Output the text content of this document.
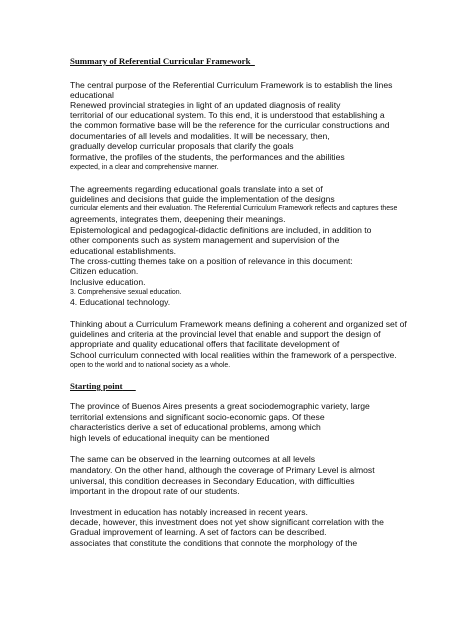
Summary of Referential Curricular Framework
The central purpose of the Referential Curriculum Framework is to establish the lines
educational
Renewed provincial strategies in light of an updated diagnosis of reality
territorial of our educational system. To this end, it is understood that establishing a
the common formative base will be the reference for the curricular constructions and
documentaries of all levels and modalities. It will be necessary, then,
gradually develop curricular proposals that clarify the goals
formative, the profiles of the students, the performances and the abilities
expected, in a clear and comprehensive manner.
The agreements regarding educational goals translate into a set of
guidelines and decisions that guide the implementation of the designs
curricular elements and their evaluation. The Referential Curriculum Framework reflects and captures these
agreements, integrates them, deepening their meanings.
Epistemological and pedagogical-didactic definitions are included, in addition to
other components such as system management and supervision of the
educational establishments.
The cross-cutting themes take on a position of relevance in this document:
Citizen education.
Inclusive education.
3. Comprehensive sexual education.
4. Educational technology.
Thinking about a Curriculum Framework means defining a coherent and organized set of
guidelines and criteria at the provincial level that enable and support the design of
appropriate and quality educational offers that facilitate development of
School curriculum connected with local realities within the framework of a perspective.
open to the world and to national society as a whole.
Starting point
The province of Buenos Aires presents a great sociodemographic variety, large
territorial extensions and significant socio-economic gaps. Of these
characteristics derive a set of educational problems, among which
high levels of educational inequity can be mentioned
The same can be observed in the learning outcomes at all levels
mandatory. On the other hand, although the coverage of Primary Level is almost
universal, this condition decreases in Secondary Education, with difficulties
important in the dropout rate of our students.
Investment in education has notably increased in recent years.
decade, however, this investment does not yet show significant correlation with the
Gradual improvement of learning. A set of factors can be described.
associates that constitute the conditions that connote the morphology of the
